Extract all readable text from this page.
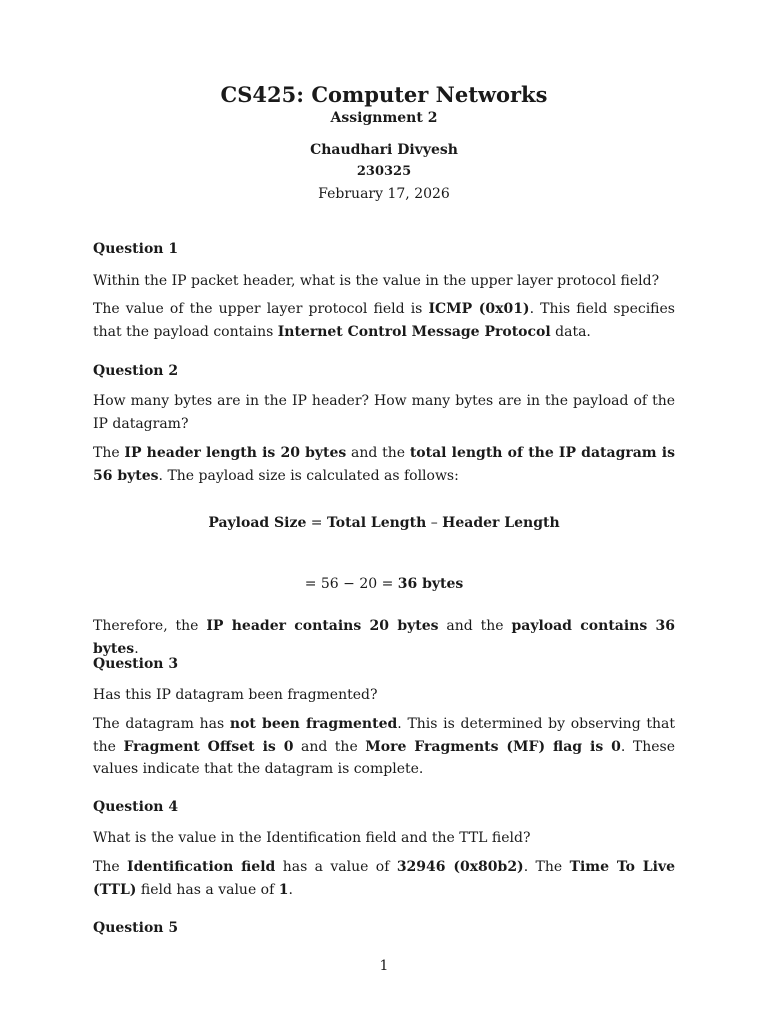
CS425: Computer Networks
Assignment 2
Chaudhari Divyesh
230325
February 17, 2026
Question 1
Within the IP packet header, what is the value in the upper layer protocol field?
The value of the upper layer protocol field is ICMP (0x01). This field specifies that the payload contains Internet Control Message Protocol data.
Question 2
How many bytes are in the IP header? How many bytes are in the payload of the IP datagram?
The IP header length is 20 bytes and the total length of the IP datagram is 56 bytes. The payload size is calculated as follows:
Payload Size = Total Length – Header Length
= 56 − 20 = 36 bytes
Therefore, the IP header contains 20 bytes and the payload contains 36 bytes.
Question 3
Has this IP datagram been fragmented?
The datagram has not been fragmented. This is determined by observing that the Fragment Offset is 0 and the More Fragments (MF) flag is 0. These values indicate that the datagram is complete.
Question 4
What is the value in the Identification field and the TTL field?
The Identification field has a value of 32946 (0x80b2). The Time To Live (TTL) field has a value of 1.
Question 5
1
